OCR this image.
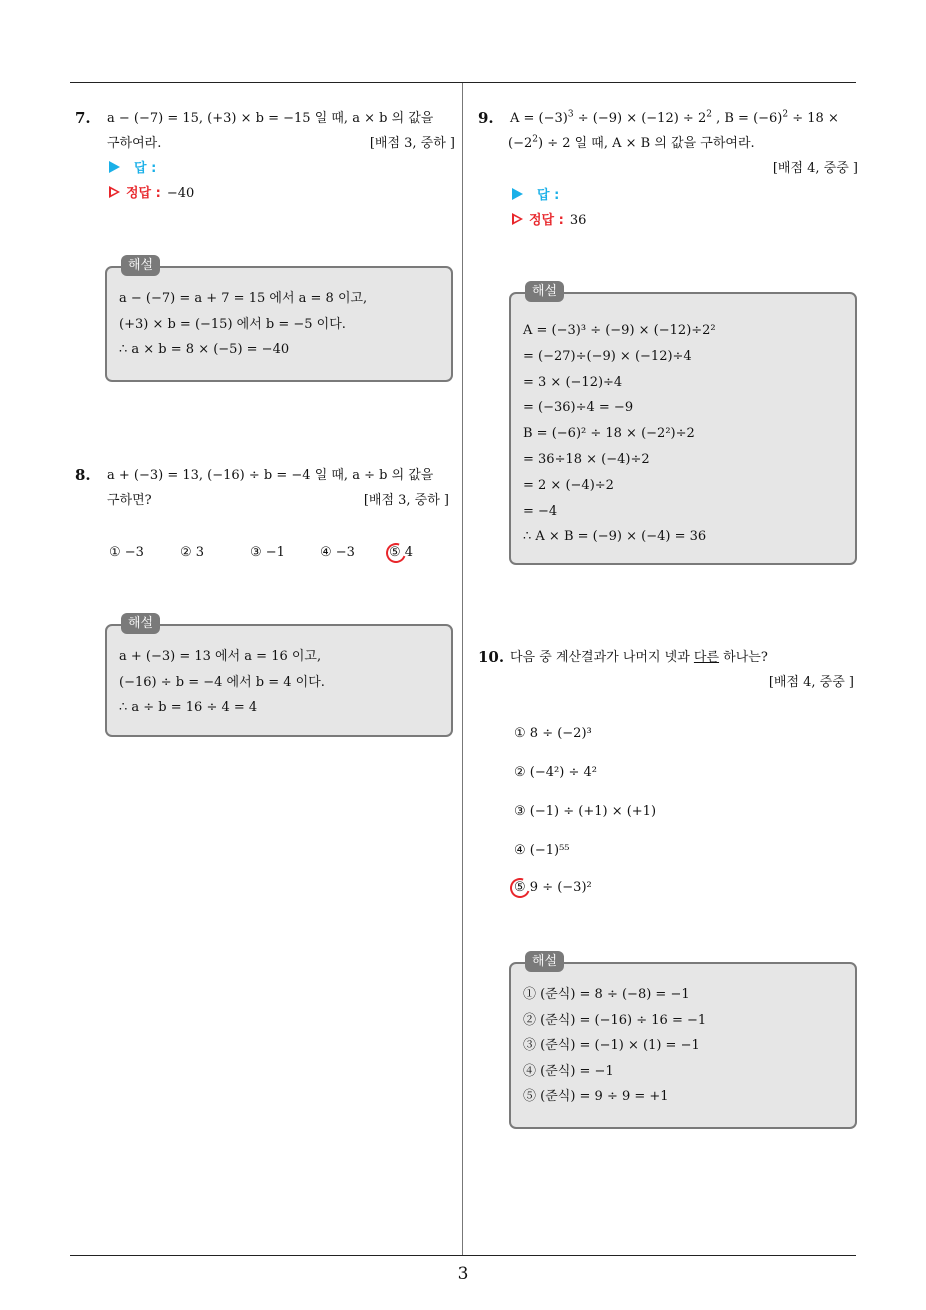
7. a − (−7) = 15, (+3) × b = −15 일 때, a × b 의 값을
구하여라.	[배점 3, 중하 ]
답 :
정답 : −40
해설
a − (−7) = a + 7 = 15 에서 a = 8 이고,
(+3) × b = (−15) 에서 b = −5 이다.
∴ a × b = 8 × (−5) = −40
8. a + (−3) = 13, (−16) ÷ b = −4 일 때, a ÷ b 의 값을
구하면?	[배점 3, 중하 ]
① −3	② 3	③ −1	④ −3	⑤ 4
해설
a + (−3) = 13 에서 a = 16 이고,
(−16) ÷ b = −4 에서 b = 4 이다.
∴ a ÷ b = 16 ÷ 4 = 4
9. $A = (-3)^3 \div (-9) \times (-12) \div 2^2$ , $B = (-6)^2 \div 18$ ×
$(-2^2) \div 2$ 일 때, A × B 의 값을 구하여라.
[배점 4, 중중 ]
답 :
정답 : 36
해설
A = (−3)³ ÷ (−9) × (−12)÷2²
= (−27)÷(−9) × (−12)÷4
= 3 × (−12)÷4
= (−36)÷4 = −9
B = (−6)² ÷ 18 × (−2²)÷2
= 36÷18 × (−4)÷2
= 2 × (−4)÷2
= −4
∴ A × B = (−9) × (−4) = 36
10. 다음 중 계산결과가 나머지 넷과 다른 하나는?
[배점 4, 중중 ]
① 8 ÷ (−2)³
② (−4²) ÷ 4²
③ (−1) ÷ (+1) × (+1)
④ (−1)⁵⁵
⑤ 9 ÷ (−3)²
해설
① (준식) = 8 ÷ (−8) = −1
② (준식) = (−16) ÷ 16 = −1
③ (준식) = (−1) × (1) = −1
④ (준식) = −1
⑤ (준식) = 9 ÷ 9 = +1
3
